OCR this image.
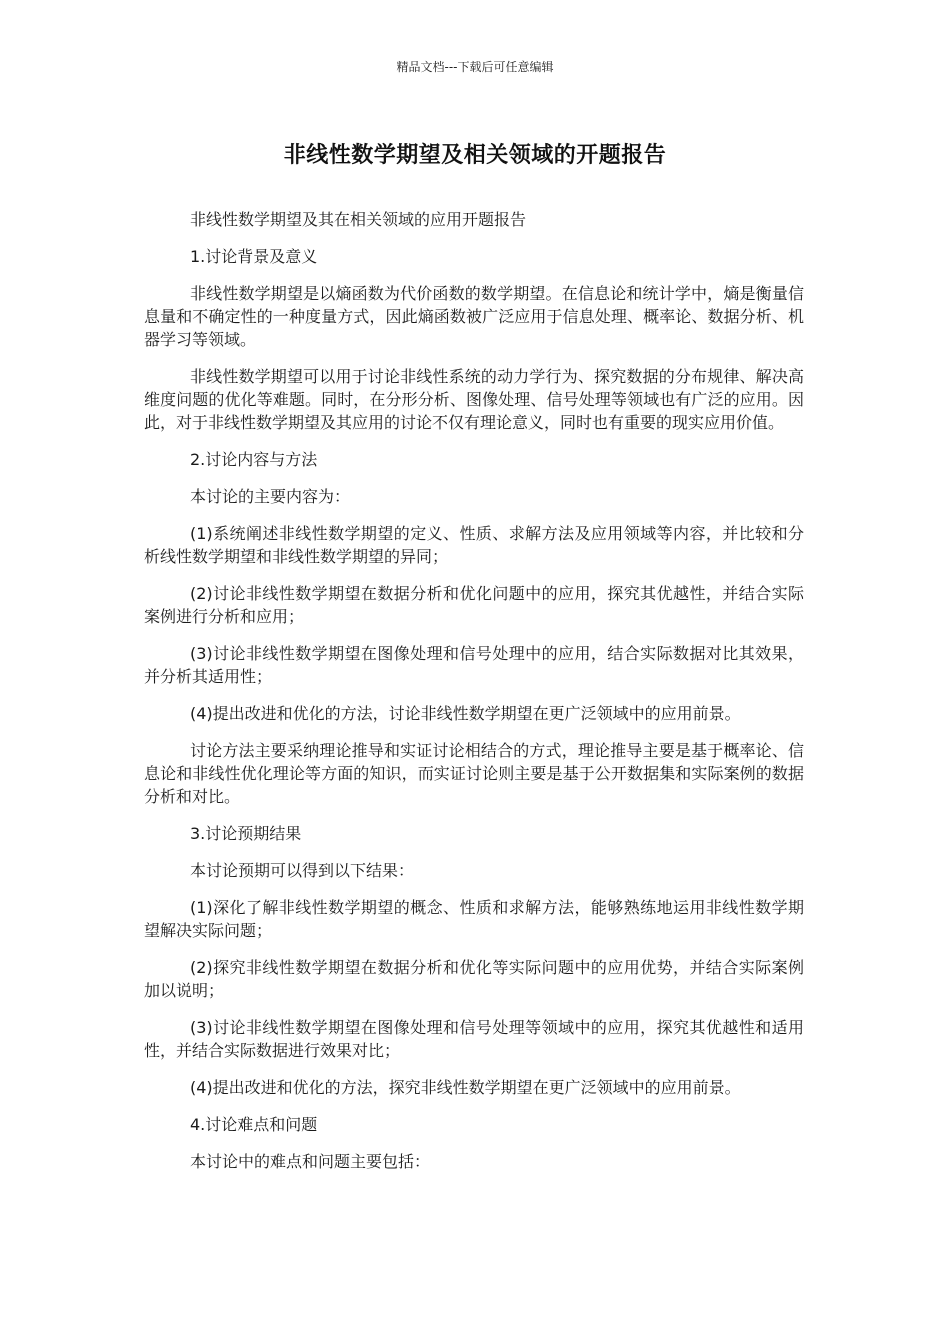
精品文档---下载后可任意编辑
非线性数学期望及相关领域的开题报告

非线性数学期望及其在相关领域的应用开题报告

1.讨论背景及意义

非线性数学期望是以熵函数为代价函数的数学期望。在信息论和统计学中，熵是衡量信息量和不确定性的一种度量方式，因此熵函数被广泛应用于信息处理、概率论、数据分析、机器学习等领域。

非线性数学期望可以用于讨论非线性系统的动力学行为、探究数据的分布规律、解决高维度问题的优化等难题。同时，在分形分析、图像处理、信号处理等领域也有广泛的应用。因此，对于非线性数学期望及其应用的讨论不仅有理论意义，同时也有重要的现实应用价值。

2.讨论内容与方法

本讨论的主要内容为：

(1)系统阐述非线性数学期望的定义、性质、求解方法及应用领域等内容，并比较和分析线性数学期望和非线性数学期望的异同；

(2)讨论非线性数学期望在数据分析和优化问题中的应用，探究其优越性，并结合实际案例进行分析和应用；

(3)讨论非线性数学期望在图像处理和信号处理中的应用，结合实际数据对比其效果，并分析其适用性；

(4)提出改进和优化的方法，讨论非线性数学期望在更广泛领域中的应用前景。

讨论方法主要采纳理论推导和实证讨论相结合的方式，理论推导主要是基于概率论、信息论和非线性优化理论等方面的知识，而实证讨论则主要是基于公开数据集和实际案例的数据分析和对比。

3.讨论预期结果

本讨论预期可以得到以下结果：

(1)深化了解非线性数学期望的概念、性质和求解方法，能够熟练地运用非线性数学期望解决实际问题；

(2)探究非线性数学期望在数据分析和优化等实际问题中的应用优势，并结合实际案例加以说明；

(3)讨论非线性数学期望在图像处理和信号处理等领域中的应用，探究其优越性和适用性，并结合实际数据进行效果对比；

(4)提出改进和优化的方法，探究非线性数学期望在更广泛领域中的应用前景。

4.讨论难点和问题

本讨论中的难点和问题主要包括：
